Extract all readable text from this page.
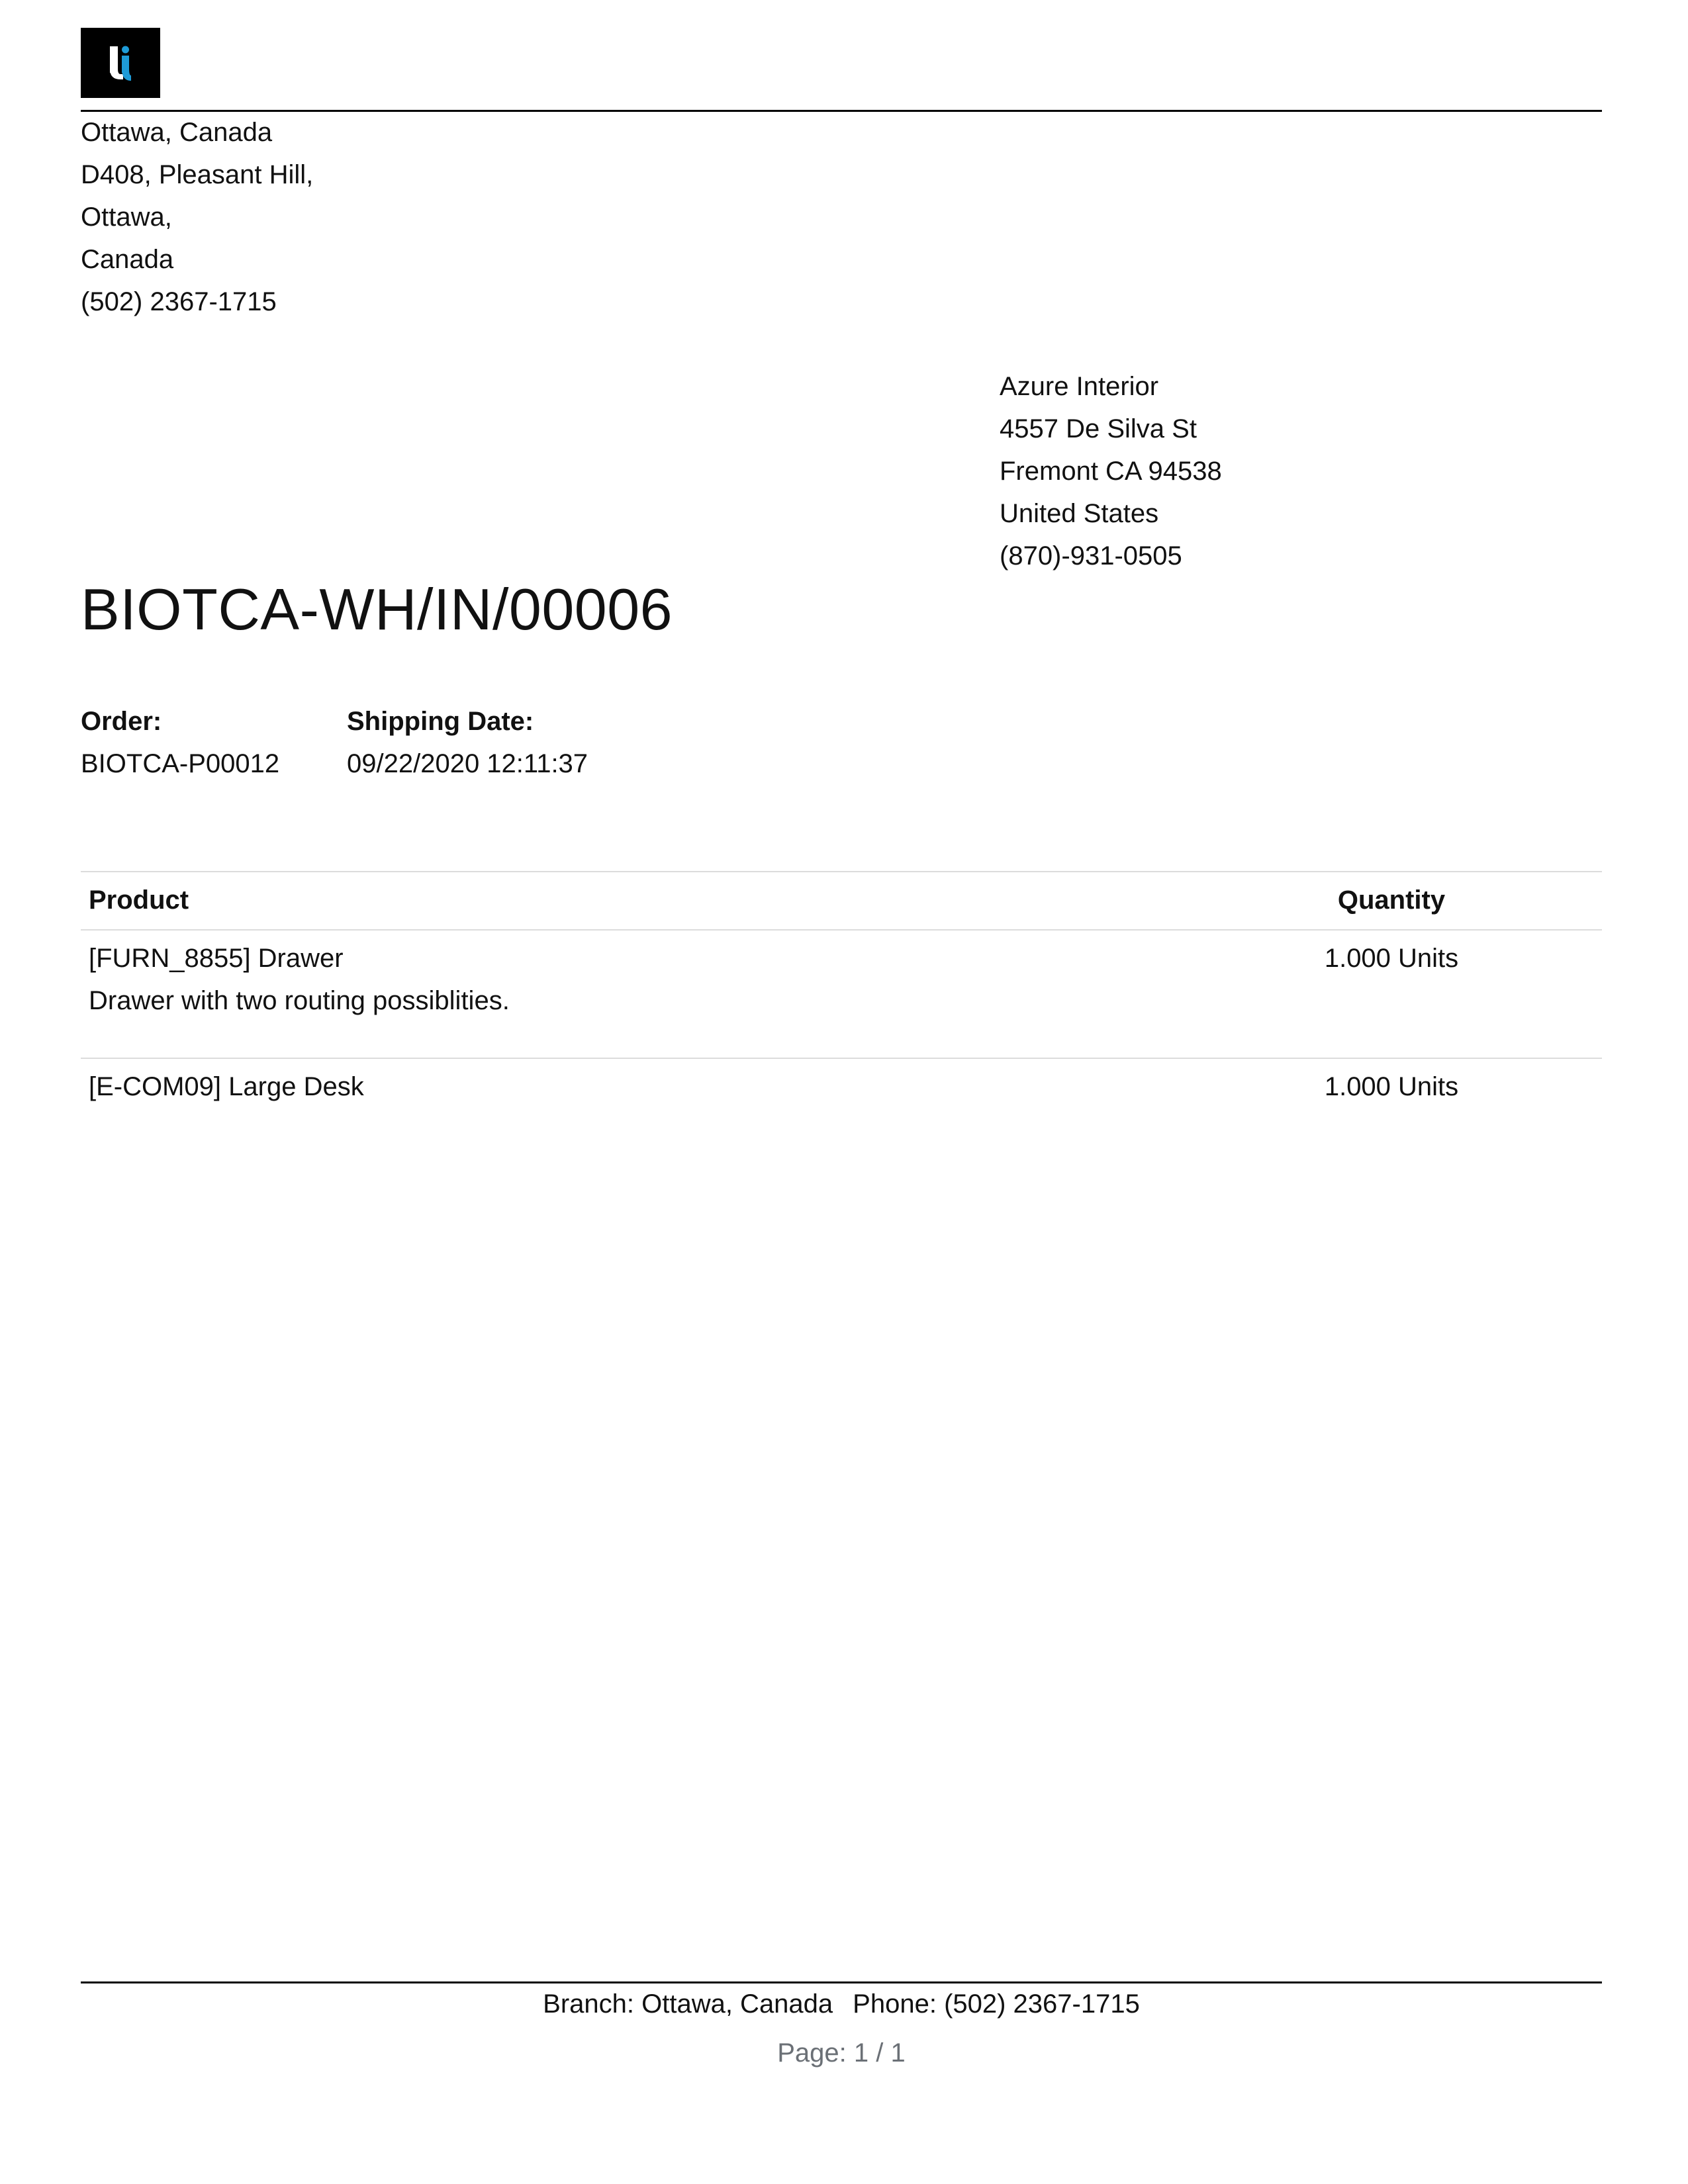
Ottawa, Canada
D408, Pleasant Hill,
Ottawa,
Canada
(502) 2367-1715
Azure Interior
4557 De Silva St
Fremont CA 94538
United States
(870)-931-0505
BIOTCA-WH/IN/00006
Order:
BIOTCA-P00012
Shipping Date:
09/22/2020 12:11:37
Product	Quantity
[FURN_8855] Drawer
Drawer with two routing possiblities.
1.000 Units
[E-COM09] Large Desk	1.000 Units
Branch: Ottawa, Canada Phone: (502) 2367-1715
Page: 1 / 1
